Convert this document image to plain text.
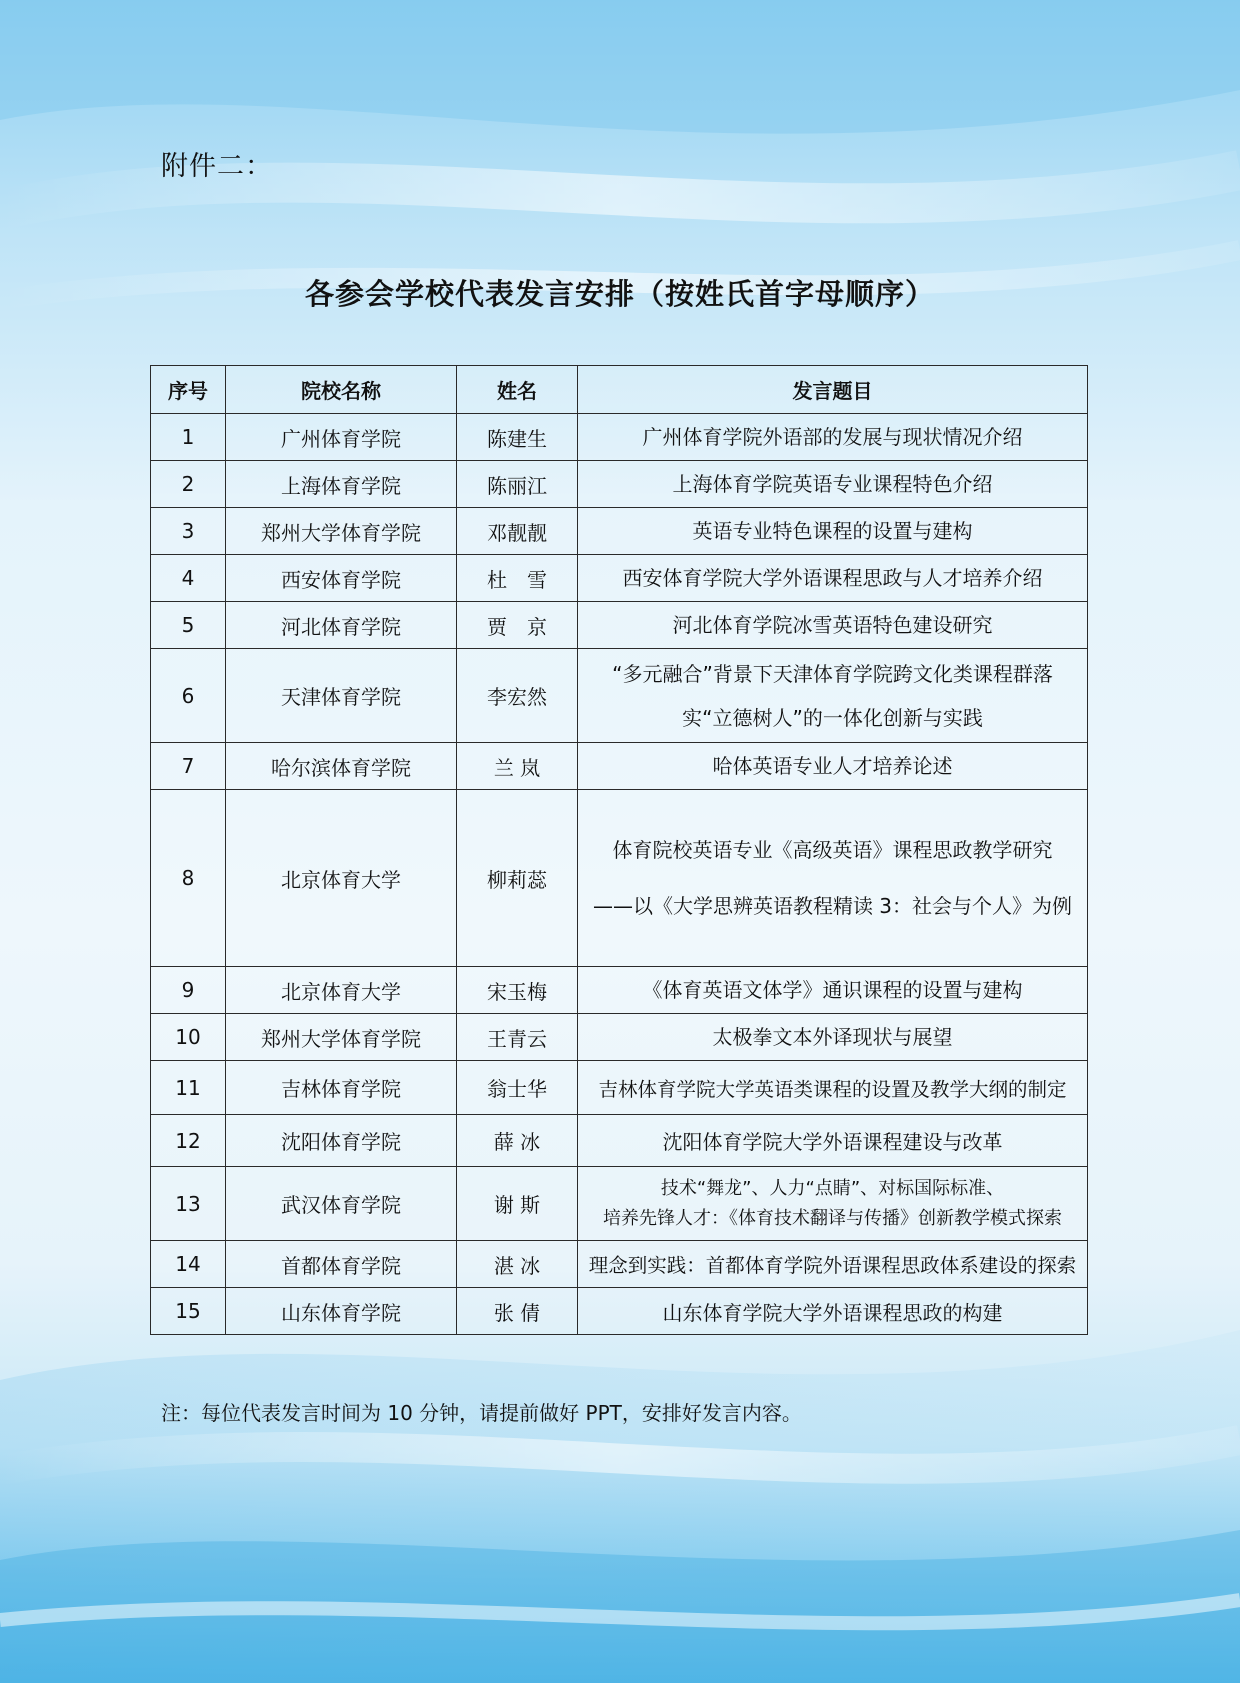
附件二：
各参会学校代表发言安排（按姓氏首字母顺序）
序号	院校名称	姓名	发言题目
1	广州体育学院	陈建生	广州体育学院外语部的发展与现状情况介绍

2	上海体育学院	陈丽江	上海体育学院英语专业课程特色介绍

3	郑州大学体育学院	邓靓靓	英语专业特色课程的设置与建构

4	西安体育学院	杜　雪	西安体育学院大学外语课程思政与人才培养介绍

5	河北体育学院	贾　京	河北体育学院冰雪英语特色建设研究

6	天津体育学院	李宏然	“多元融合”背景下天津体育学院跨文化类课程群落
实“立德树人”的一体化创新与实践

7	哈尔滨体育学院	兰 岚	哈体英语专业人才培养论述

8	北京体育大学	柳莉蕊	体育院校英语专业《高级英语》课程思政教学研究
——以《大学思辨英语教程精读 3：社会与个人》为例

9	北京体育大学	宋玉梅	《体育英语文体学》通识课程的设置与建构

10	郑州大学体育学院	王青云	太极拳文本外译现状与展望

11	吉林体育学院	翁士华	吉林体育学院大学英语类课程的设置及教学大纲的制定
12	沈阳体育学院	薛 冰	沈阳体育学院大学外语课程建设与改革
13	武汉体育学院	谢 斯	技术“舞龙”、人力“点睛”、对标国际标准、
培养先锋人才：《体育技术翻译与传播》创新教学模式探索

14	首都体育学院	湛 冰	理念到实践：首都体育学院外语课程思政体系建设的探索
15	山东体育学院	张 倩	山东体育学院大学外语课程思政的构建
注：每位代表发言时间为 10 分钟，请提前做好 PPT，安排好发言内容。
